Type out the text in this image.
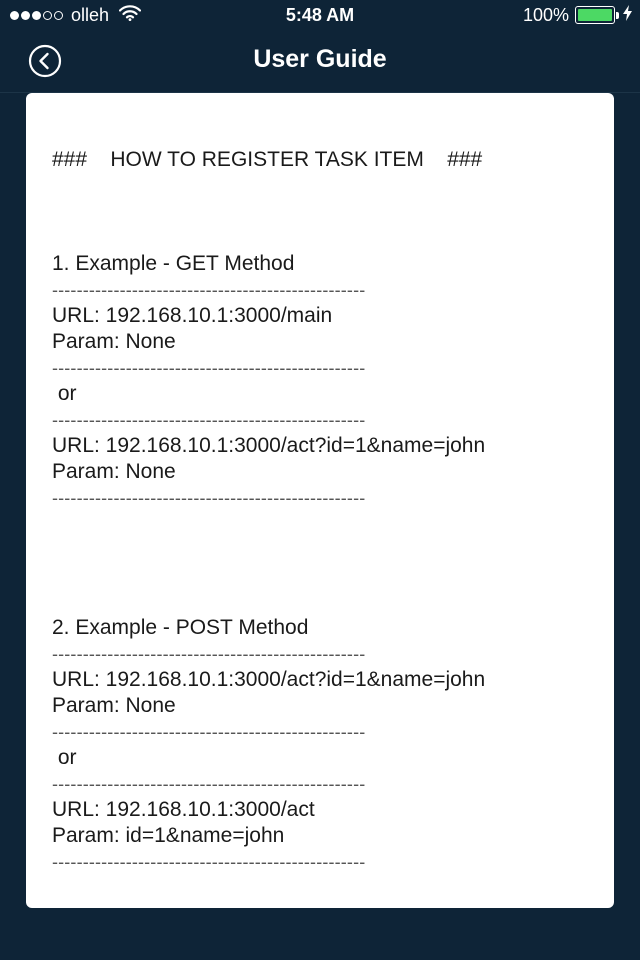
olleh	5:48 AM	100%
User Guide
###    HOW TO REGISTER TASK ITEM    ###
1. Example - GET Method
---------------------------------------------------
URL: 192.168.10.1:3000/main
Param: None
---------------------------------------------------
or
---------------------------------------------------
URL: 192.168.10.1:3000/act?id=1&name=john
Param: None
---------------------------------------------------
2. Example - POST Method
---------------------------------------------------
URL: 192.168.10.1:3000/act?id=1&name=john
Param: None
---------------------------------------------------
or
---------------------------------------------------
URL: 192.168.10.1:3000/act
Param: id=1&name=john
---------------------------------------------------
